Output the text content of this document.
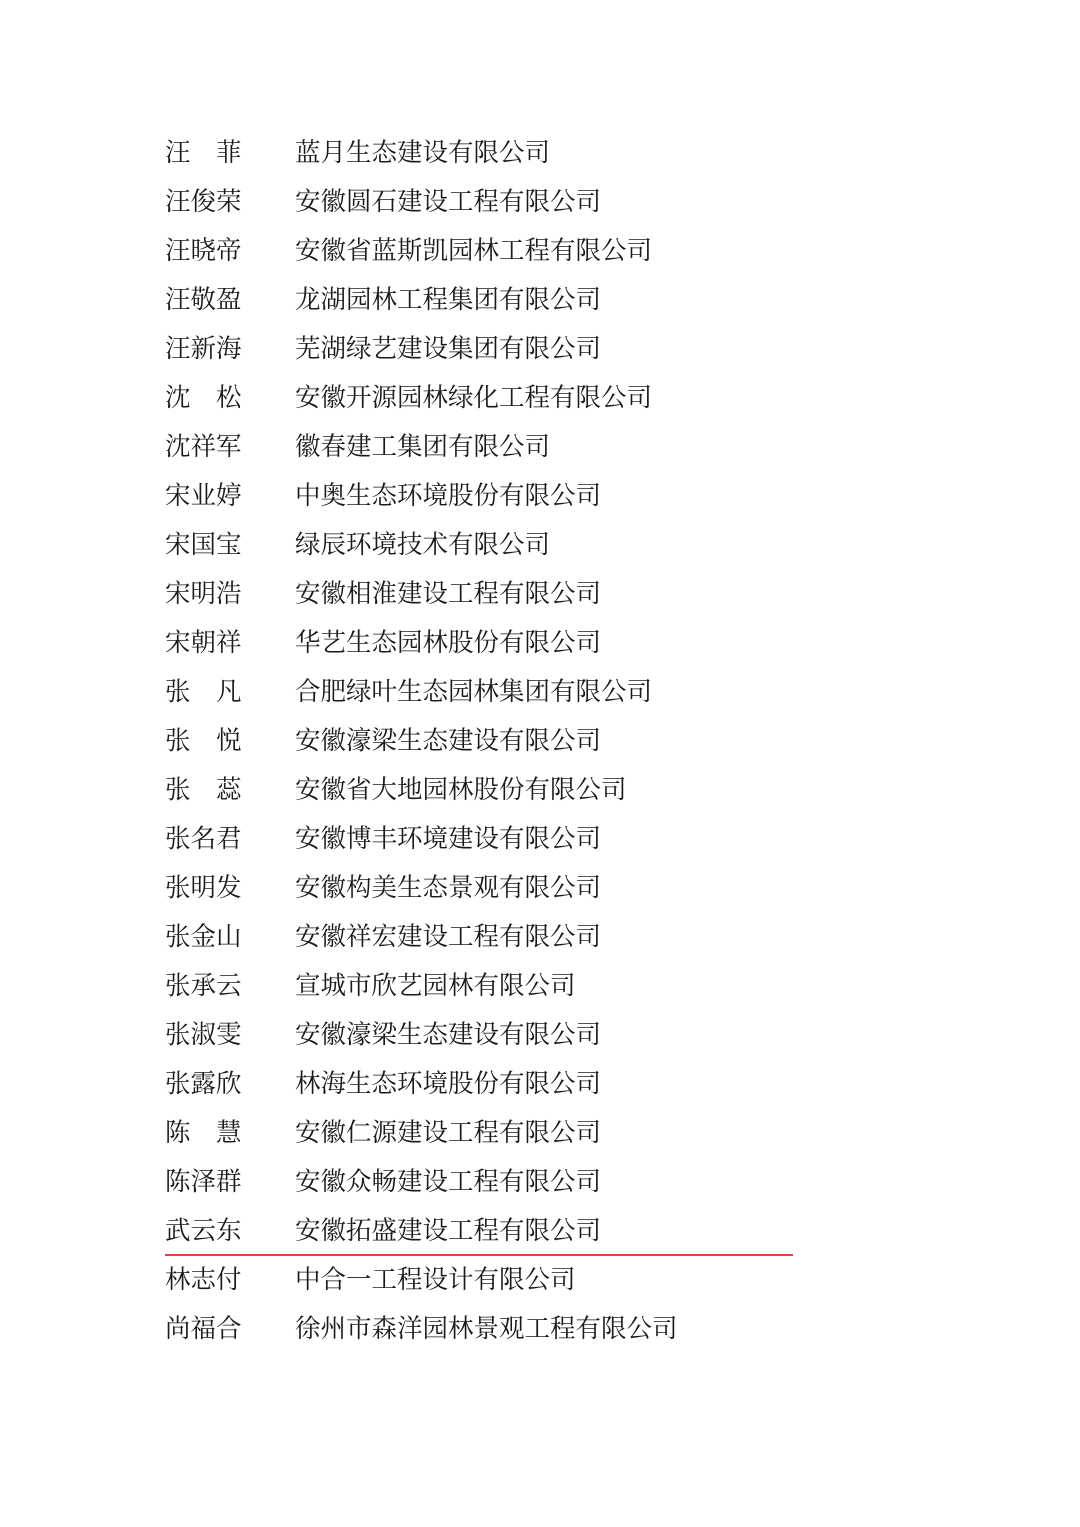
汪　菲	蓝月生态建设有限公司
汪俊荣	安徽圆石建设工程有限公司
汪晓帝	安徽省蓝斯凯园林工程有限公司
汪敬盈	龙湖园林工程集团有限公司
汪新海	芜湖绿艺建设集团有限公司
沈　松	安徽开源园林绿化工程有限公司
沈祥军	徽春建工集团有限公司
宋业婷	中奥生态环境股份有限公司
宋国宝	绿辰环境技术有限公司
宋明浩	安徽相淮建设工程有限公司
宋朝祥	华艺生态园林股份有限公司
张　凡	合肥绿叶生态园林集团有限公司
张　悦	安徽濠梁生态建设有限公司
张　蕊	安徽省大地园林股份有限公司
张名君	安徽博丰环境建设有限公司
张明发	安徽构美生态景观有限公司
张金山	安徽祥宏建设工程有限公司
张承云	宣城市欣艺园林有限公司
张淑雯	安徽濠梁生态建设有限公司
张露欣	林海生态环境股份有限公司
陈　慧	安徽仁源建设工程有限公司
陈泽群	安徽众畅建设工程有限公司
武云东	安徽拓盛建设工程有限公司
林志付	中合一工程设计有限公司
尚福合	徐州市森洋园林景观工程有限公司
